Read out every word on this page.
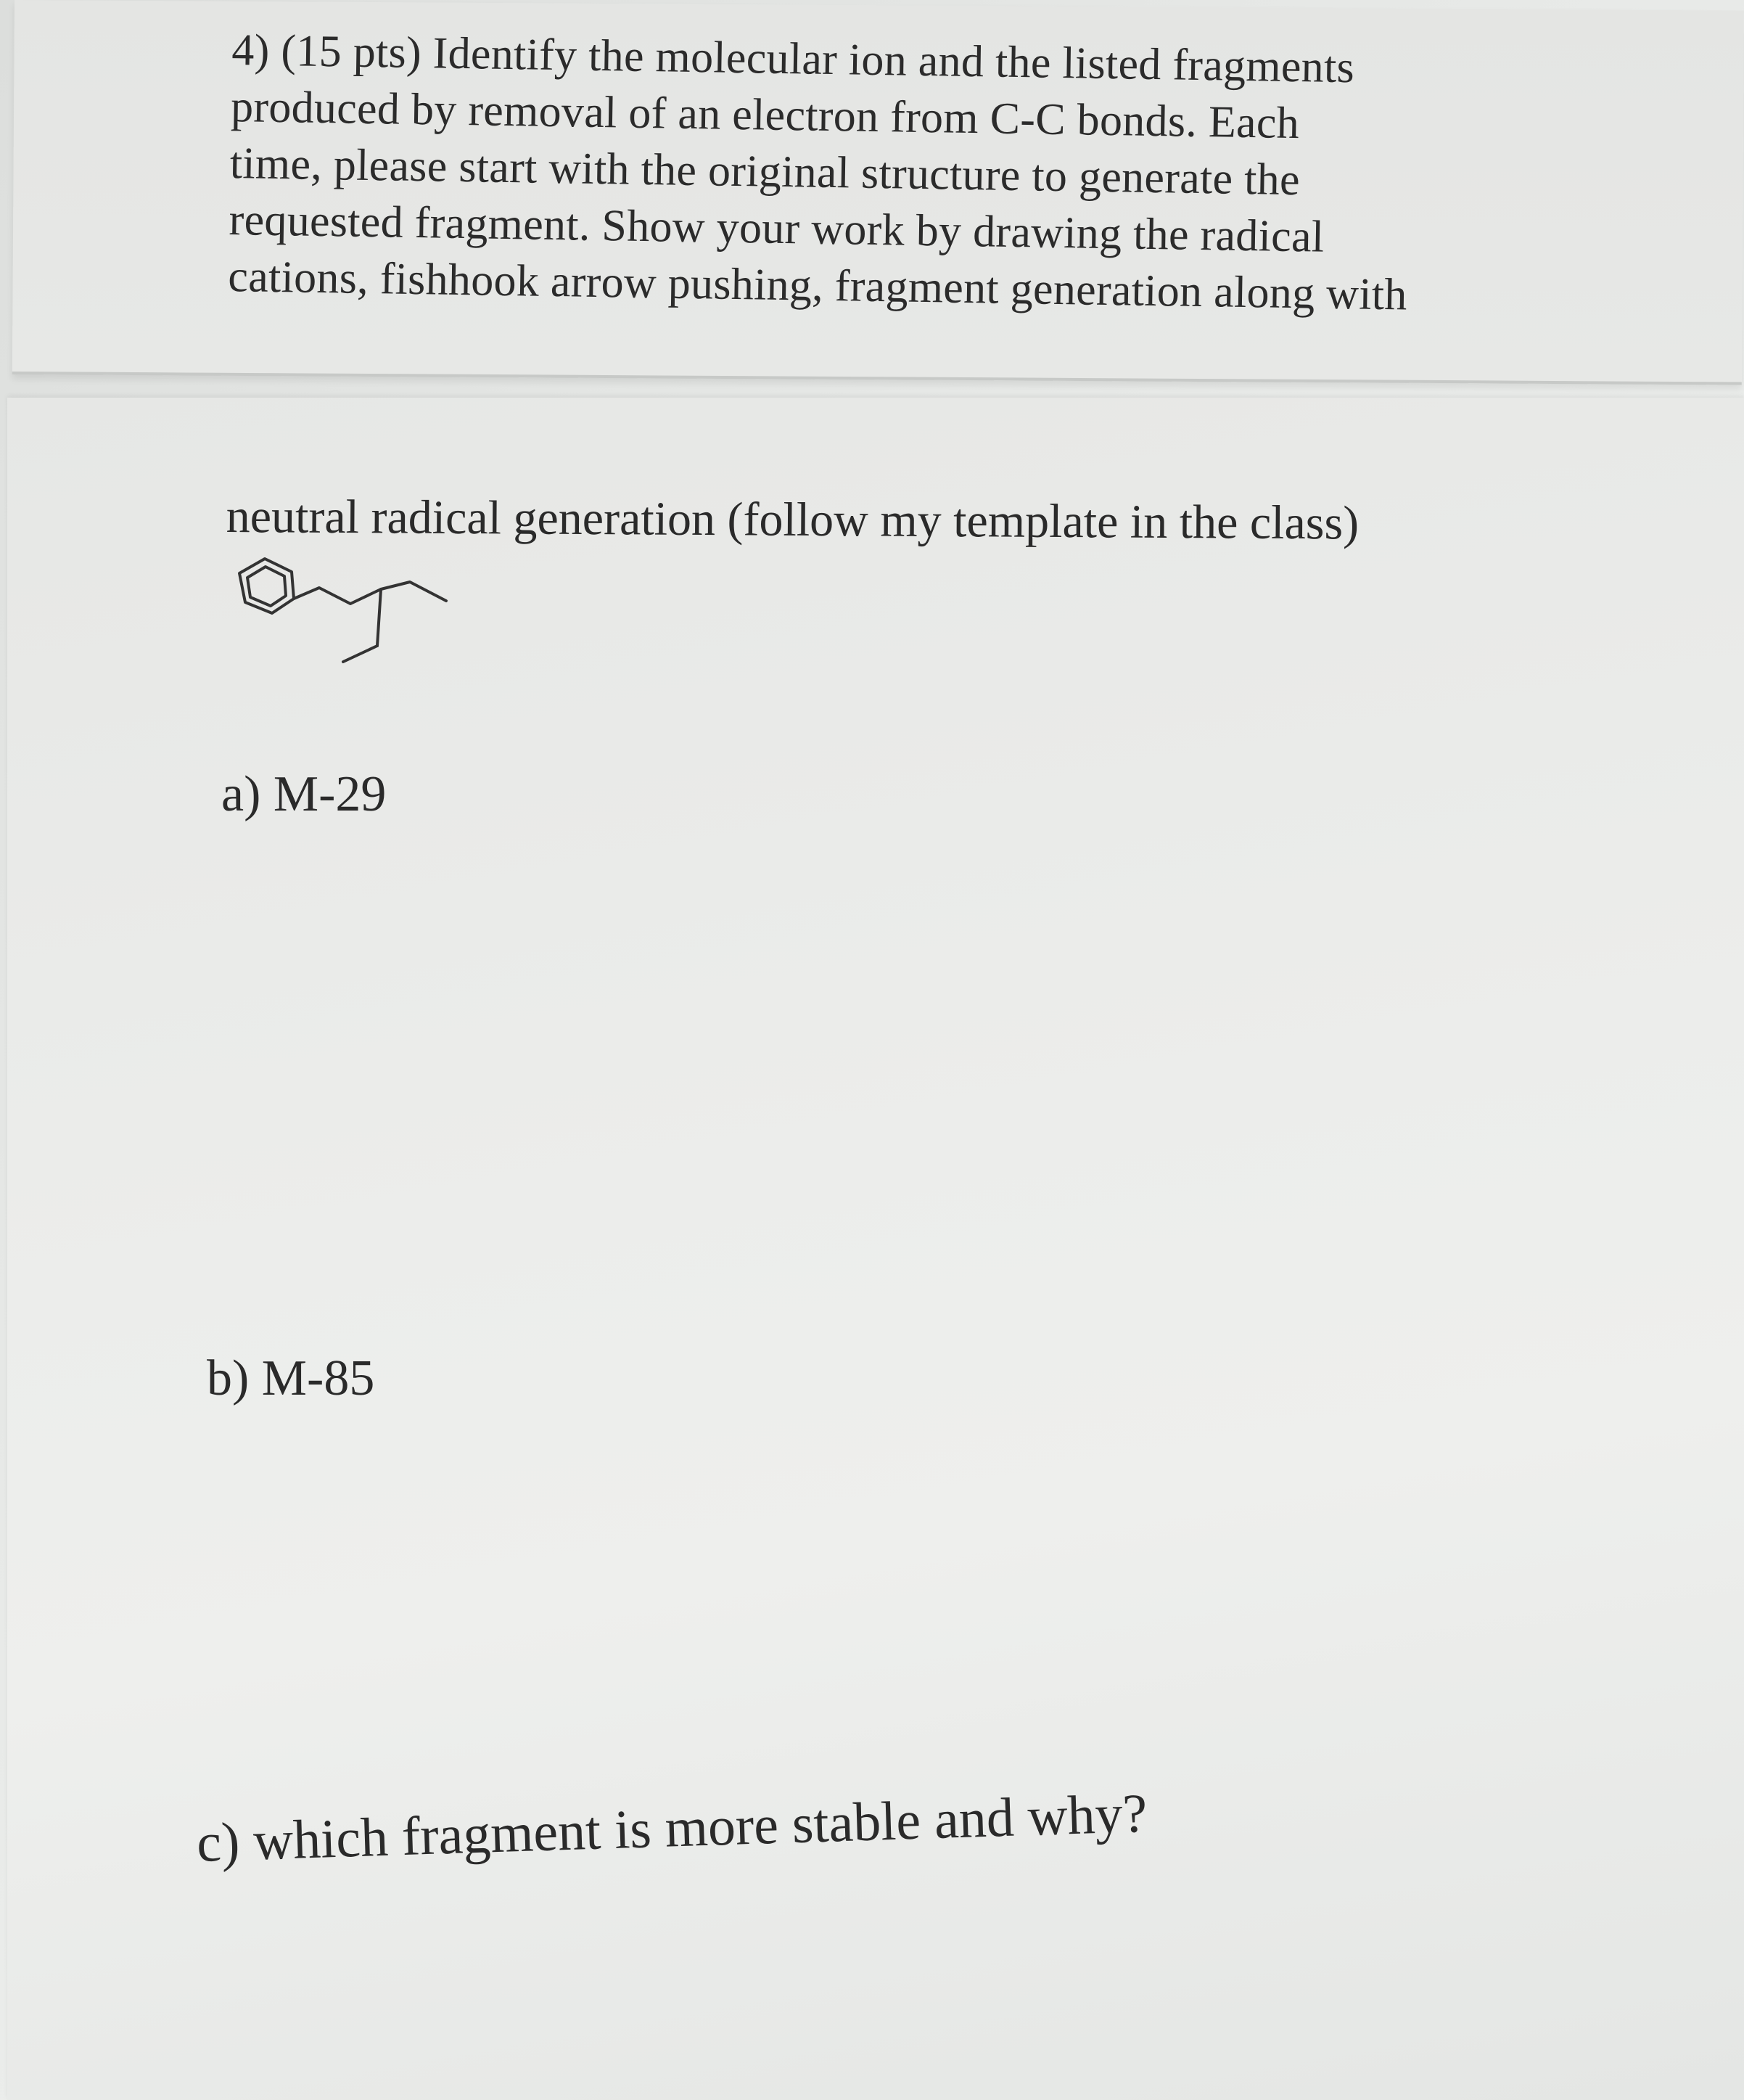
4) (15 pts) Identify the molecular ion and the listed fragments
produced by removal of an electron from C-C bonds. Each
time, please start with the original structure to generate the
requested fragment. Show your work by drawing the radical
cations, fishhook arrow pushing, fragment generation along with
neutral radical generation (follow my template in the class)
a) M-29
b) M-85
c) which fragment is more stable and why?
